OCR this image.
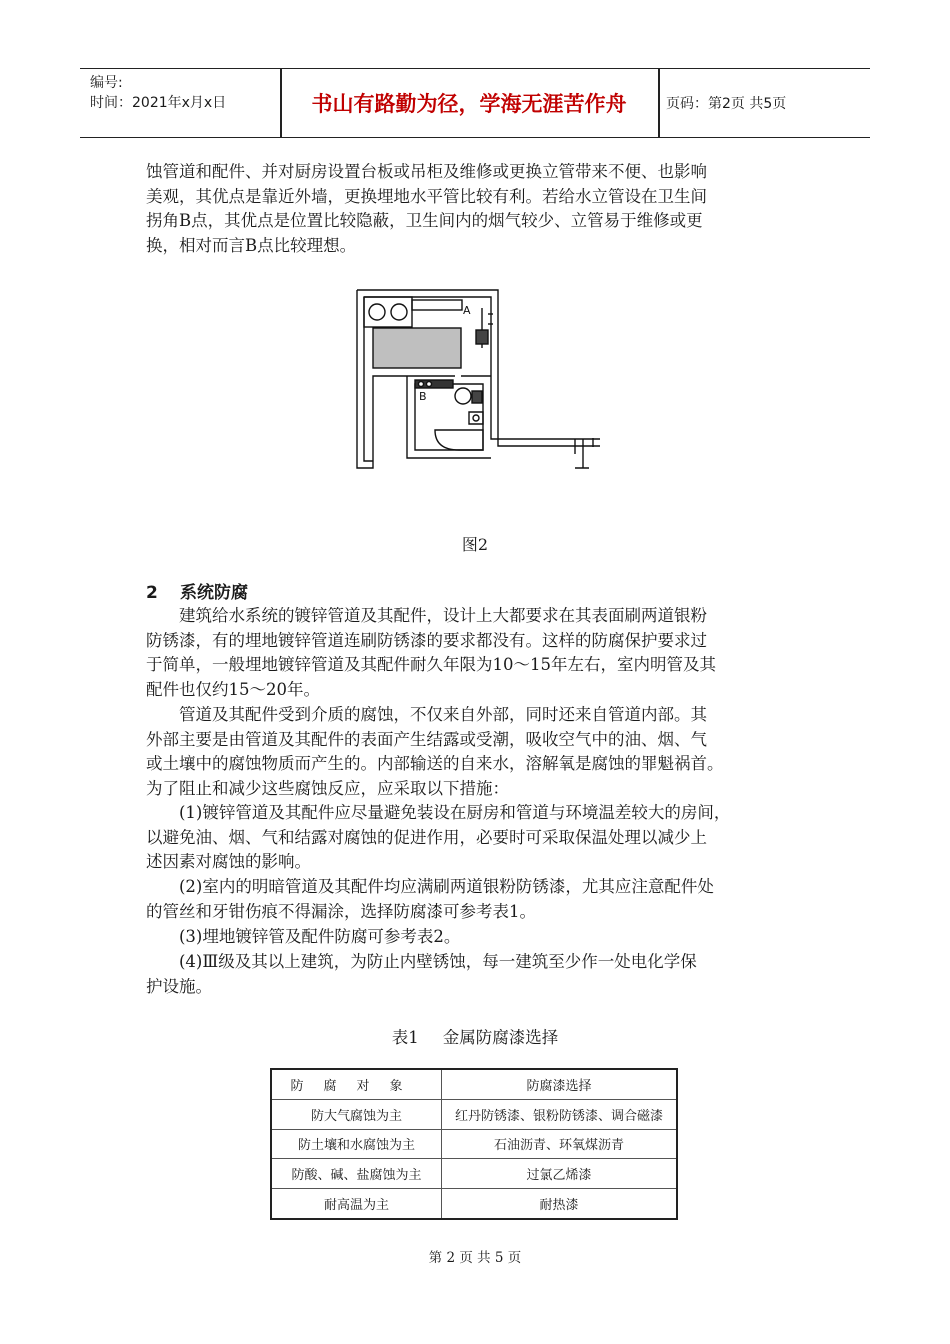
编号:
时间：2021年x月x日	书山有路勤为径，学海无涯苦作舟	页码：第2页 共5页

蚀管道和配件、并对厨房设置台板或吊柜及维修或更换立管带来不便、也影响
美观，其优点是靠近外墙，更换埋地水平管比较有利。若给水立管设在卫生间
拐角B点，其优点是位置比较隐蔽，卫生间内的烟气较少、立管易于维修或更
换，相对而言B点比较理想。

A
B
图2
2 系统防腐

建筑给水系统的镀锌管道及其配件，设计上大都要求在其表面刷两道银粉
防锈漆，有的埋地镀锌管道连刷防锈漆的要求都没有。这样的防腐保护要求过
于简单，一般埋地镀锌管道及其配件耐久年限为10～15年左右，室内明管及其
配件也仅约15～20年。

管道及其配件受到介质的腐蚀，不仅来自外部，同时还来自管道内部。其
外部主要是由管道及其配件的表面产生结露或受潮，吸收空气中的油、烟、气
或土壤中的腐蚀物质而产生的。内部输送的自来水，溶解氧是腐蚀的罪魁祸首。
为了阻止和减少这些腐蚀反应，应采取以下措施：

(1)镀锌管道及其配件应尽量避免装设在厨房和管道与环境温差较大的房间，
以避免油、烟、气和结露对腐蚀的促进作用，必要时可采取保温处理以减少上
述因素对腐蚀的影响。

(2)室内的明暗管道及其配件均应满刷两道银粉防锈漆，尤其应注意配件处
的管丝和牙钳伤痕不得漏涂，选择防腐漆可参考表1。

(3)埋地镀锌管及配件防腐可参考表2。

(4)Ⅲ级及其以上建筑，为防止内壁锈蚀，每一建筑至少作一处电化学保
护设施。

表1 金属防腐漆选择
防腐对象	防腐漆选择
防大气腐蚀为主	红丹防锈漆、银粉防锈漆、调合磁漆
防土壤和水腐蚀为主	石油沥青、环氧煤沥青
防酸、碱、盐腐蚀为主	过氯乙烯漆
耐高温为主	耐热漆
第 2 页 共 5 页
